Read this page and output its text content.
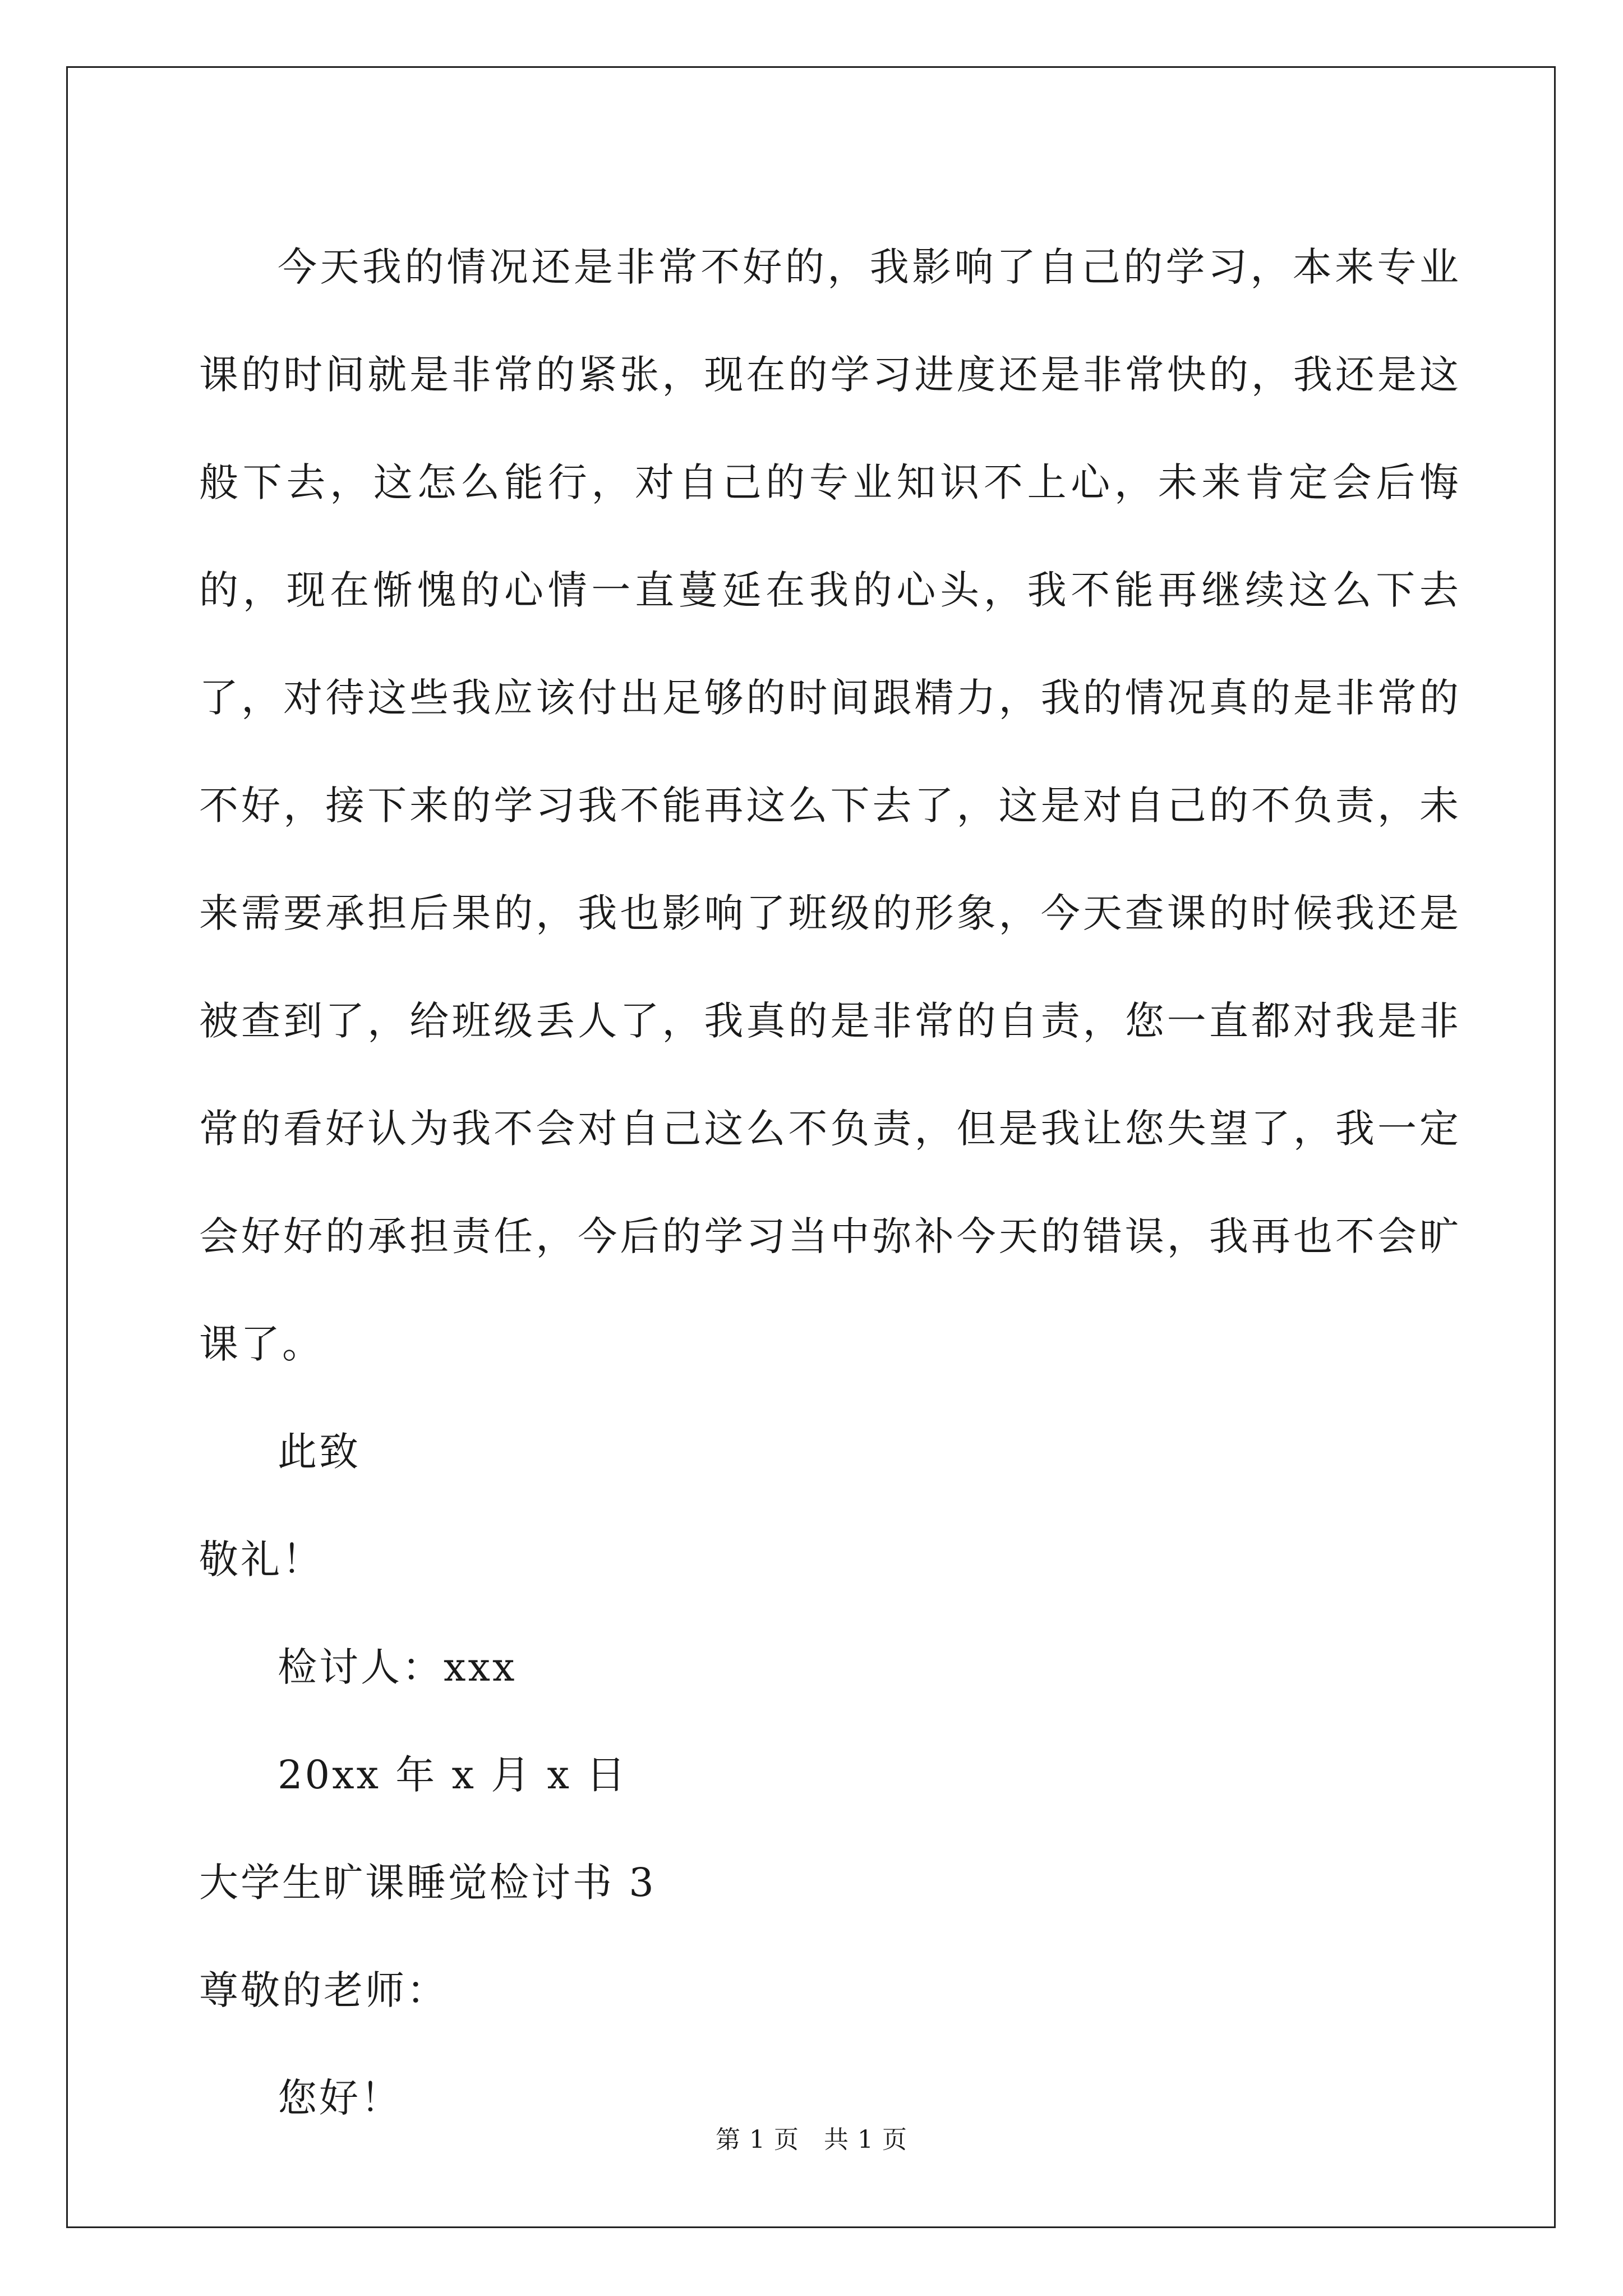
今天我的情况还是非常不好的，我影响了自己的学习，本来专业课的时间就是非常的紧张，现在的学习进度还是非常快的，我还是这般下去，这怎么能行，对自己的专业知识不上心，未来肯定会后悔的，现在惭愧的心情一直蔓延在我的心头，我不能再继续这么下去了，对待这些我应该付出足够的时间跟精力，我的情况真的是非常的不好，接下来的学习我不能再这么下去了，这是对自己的不负责，未来需要承担后果的，我也影响了班级的形象，今天查课的时候我还是被查到了，给班级丢人了，我真的是非常的自责，您一直都对我是非常的看好认为我不会对自己这么不负责，但是我让您失望了，我一定会好好的承担责任，今后的学习当中弥补今天的错误，我再也不会旷课了。

此致

敬礼！

检讨人：xxx

20xx 年 x 月 x 日

大学生旷课睡觉检讨书 3

尊敬的老师：

您好！

第 1 页 共 1 页
